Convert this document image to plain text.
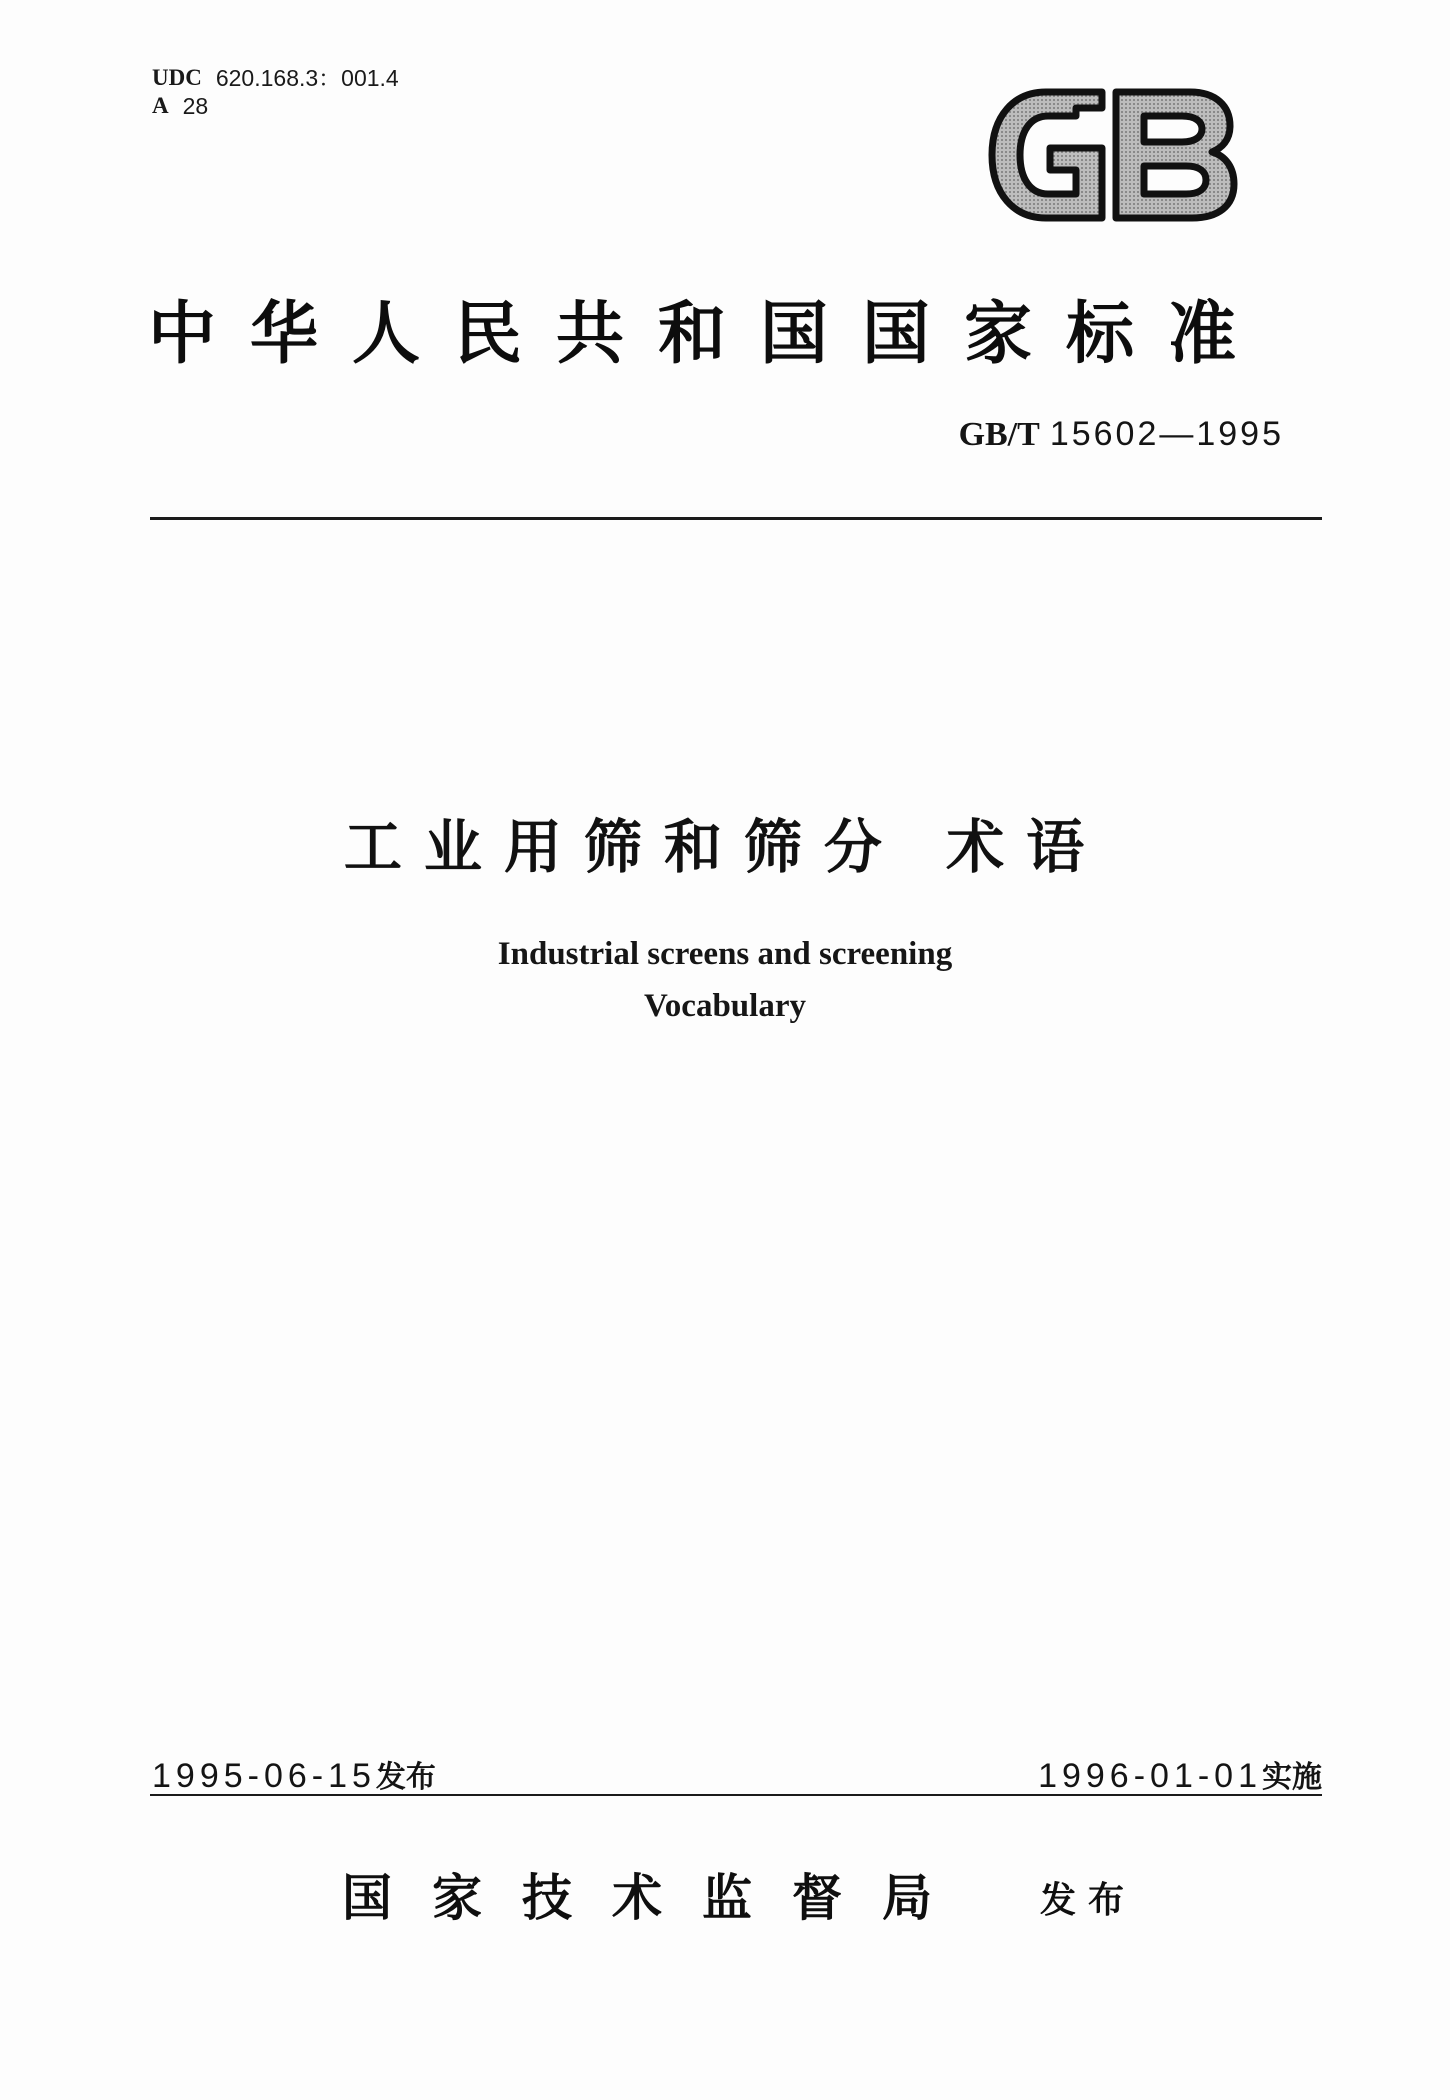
UDC 620.168.3：001.4
A 28
中华人民共和国国家标准
GB/T 15602—1995
工业用筛和筛分 术语
Industrial screens and screening
Vocabulary
1995-06-15发布	1996-01-01实施
国家技术监督局 发布
